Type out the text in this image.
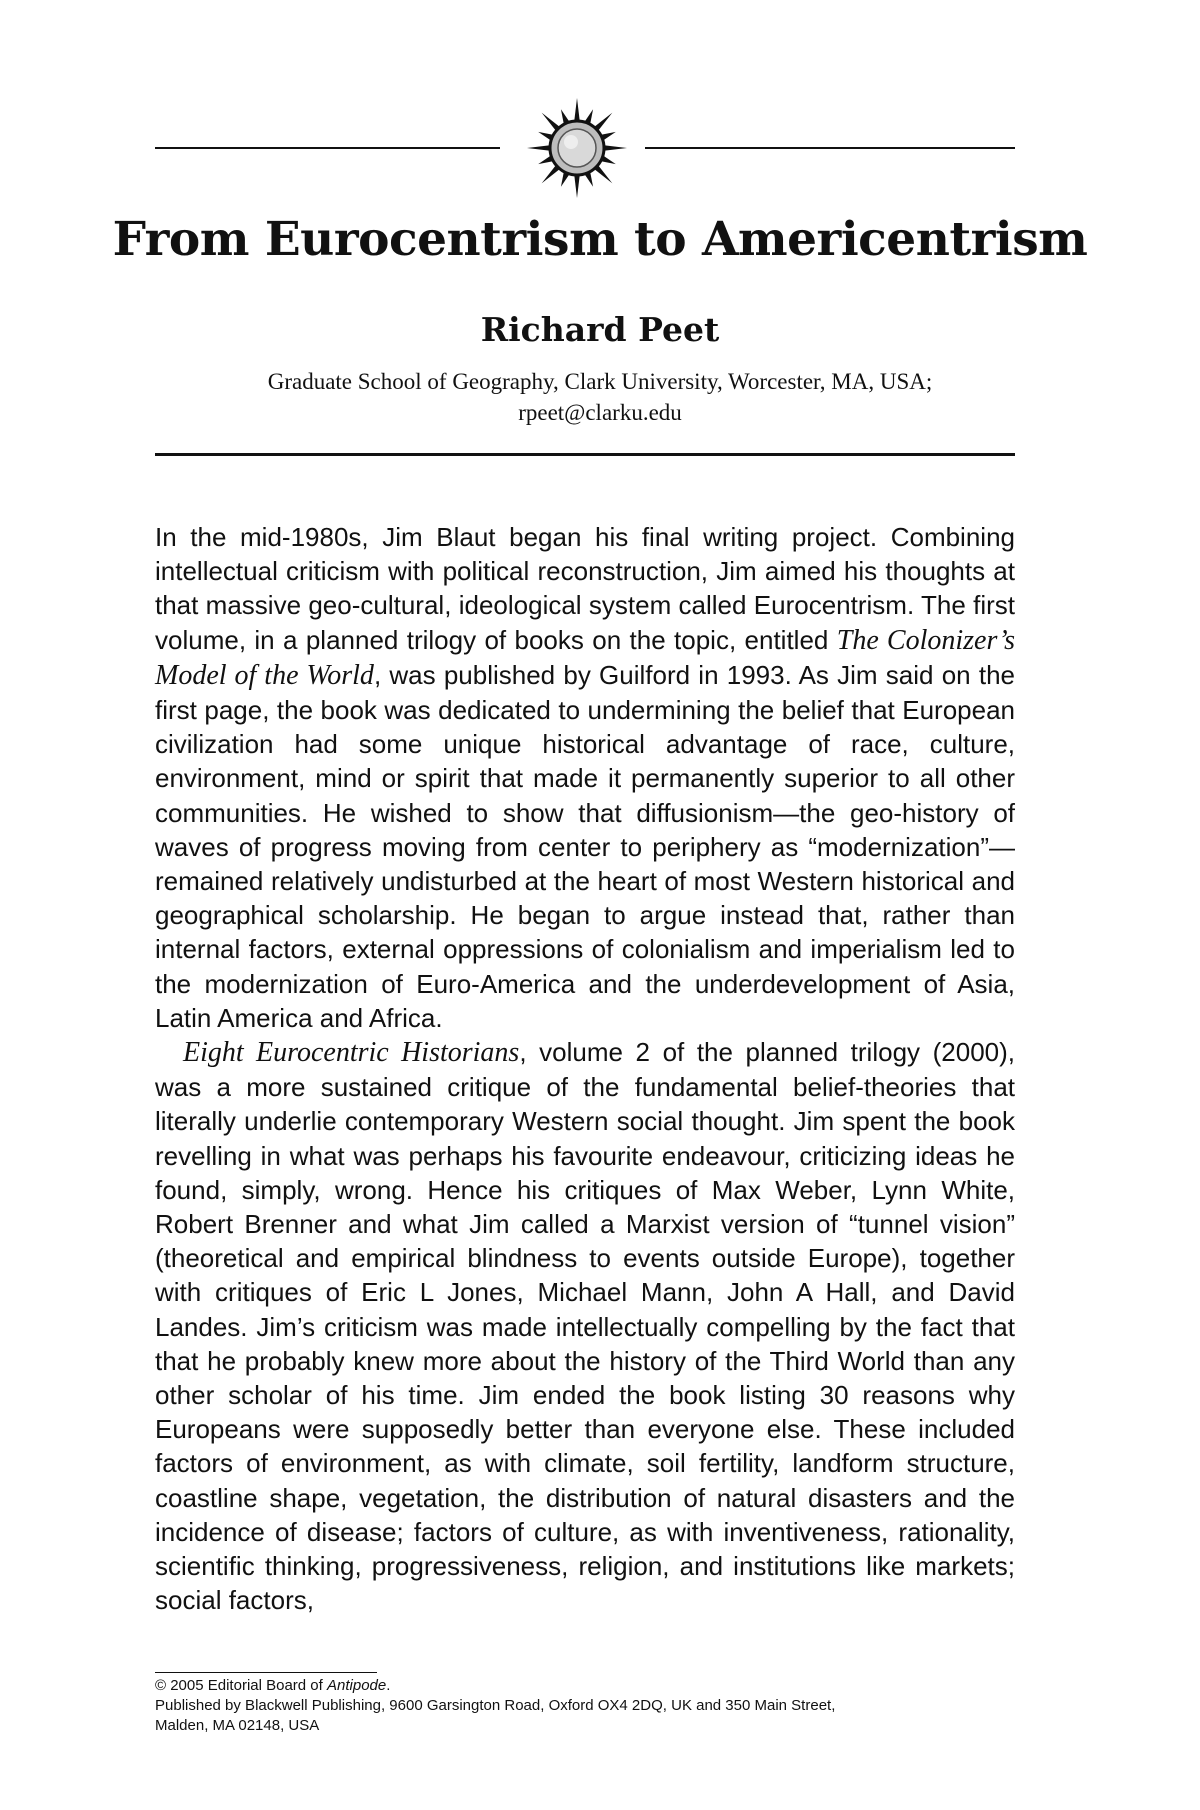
From Eurocentrism to Americentrism
Richard Peet
Graduate School of Geography, Clark University, Worcester, MA, USA;
rpeet@clarku.edu

In the mid-1980s, Jim Blaut began his final writing project. Combining intellectual criticism with political reconstruction, Jim aimed his thoughts at that massive geo-cultural, ideological system called Eurocentrism. The first volume, in a planned trilogy of books on the topic, entitled The Colonizer’s Model of the World, was published by Guilford in 1993. As Jim said on the first page, the book was dedicated to undermining the belief that European civilization had some unique historical advantage of race, culture, environment, mind or spirit that made it permanently superior to all other communities. He wished to show that diffusionism—the geo-history of waves of progress moving from center to periphery as “modernization”—remained relatively undisturbed at the heart of most Western historical and geographical scholarship. He began to argue instead that, rather than internal factors, external oppressions of colonialism and imperialism led to the modernization of Euro-America and the underdevelopment of Asia, Latin America and Africa.

Eight Eurocentric Historians, volume 2 of the planned trilogy (2000), was a more sustained critique of the fundamental belief-theories that literally underlie contemporary Western social thought. Jim spent the book revelling in what was perhaps his favourite endeavour, criticizing ideas he found, simply, wrong. Hence his critiques of Max Weber, Lynn White, Robert Brenner and what Jim called a Marxist version of “tunnel vision” (theoretical and empirical blindness to events outside Europe), together with critiques of Eric L Jones, Michael Mann, John A Hall, and David Landes. Jim’s criticism was made intellectually compelling by the fact that that he probably knew more about the history of the Third World than any other scholar of his time. Jim ended the book listing 30 reasons why Europeans were supposedly better than everyone else. These included factors of environment, as with climate, soil fertility, landform structure, coastline shape, vegetation, the distribution of natural disasters and the incidence of disease; factors of culture, as with inventiveness, rationality, scientific thinking, progressiveness, religion, and institutions like markets; social factors,

© 2005 Editorial Board of Antipode.
Published by Blackwell Publishing, 9600 Garsington Road, Oxford OX4 2DQ, UK and 350 Main Street,
Malden, MA 02148, USA
